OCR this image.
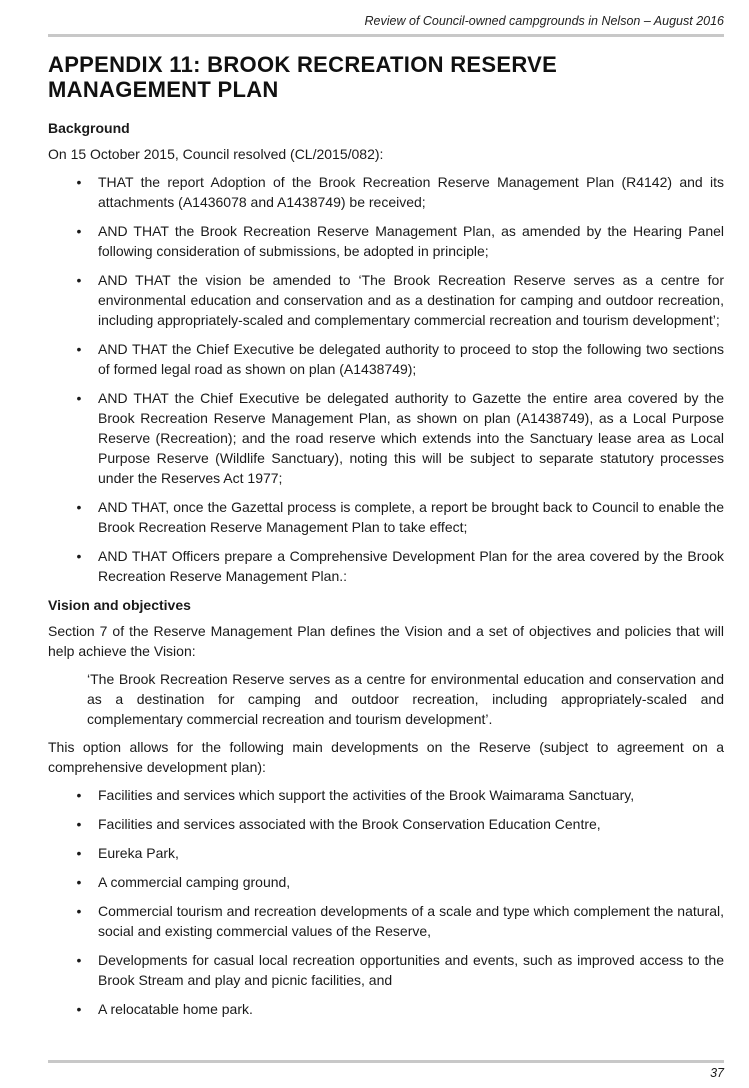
Review of Council-owned campgrounds in Nelson – August 2016
APPENDIX 11: BROOK RECREATION RESERVE MANAGEMENT PLAN
Background

On 15 October 2015, Council resolved (CL/2015/082):

•	THAT the report Adoption of the Brook Recreation Reserve Management Plan (R4142) and its attachments (A1436078 and A1438749) be received;
•	AND THAT the Brook Recreation Reserve Management Plan, as amended by the Hearing Panel following consideration of submissions, be adopted in principle;
•	AND THAT the vision be amended to ‘The Brook Recreation Reserve serves as a centre for environmental education and conservation and as a destination for camping and outdoor recreation, including appropriately-scaled and complementary commercial recreation and tourism development’;
•	AND THAT the Chief Executive be delegated authority to proceed to stop the following two sections of formed legal road as shown on plan (A1438749);
•	AND THAT the Chief Executive be delegated authority to Gazette the entire area covered by the Brook Recreation Reserve Management Plan, as shown on plan (A1438749), as a Local Purpose Reserve (Recreation); and the road reserve which extends into the Sanctuary lease area as Local Purpose Reserve (Wildlife Sanctuary), noting this will be subject to separate statutory processes under the Reserves Act 1977;
•	AND THAT, once the Gazettal process is complete, a report be brought back to Council to enable the Brook Recreation Reserve Management Plan to take effect;
•	AND THAT Officers prepare a Comprehensive Development Plan for the area covered by the Brook Recreation Reserve Management Plan.:
Vision and objectives

Section 7 of the Reserve Management Plan defines the Vision and a set of objectives and policies that will help achieve the Vision:

‘The Brook Recreation Reserve serves as a centre for environmental education and conservation and as a destination for camping and outdoor recreation, including appropriately-scaled and complementary commercial recreation and tourism development’.

This option allows for the following main developments on the Reserve (subject to agreement on a comprehensive development plan):

•	Facilities and services which support the activities of the Brook Waimarama Sanctuary,
•	Facilities and services associated with the Brook Conservation Education Centre,
•	Eureka Park,
•	A commercial camping ground,
•	Commercial tourism and recreation developments of a scale and type which complement the natural, social and existing commercial values of the Reserve,
•	Developments for casual local recreation opportunities and events, such as improved access to the Brook Stream and play and picnic facilities, and
•	A relocatable home park.
37
